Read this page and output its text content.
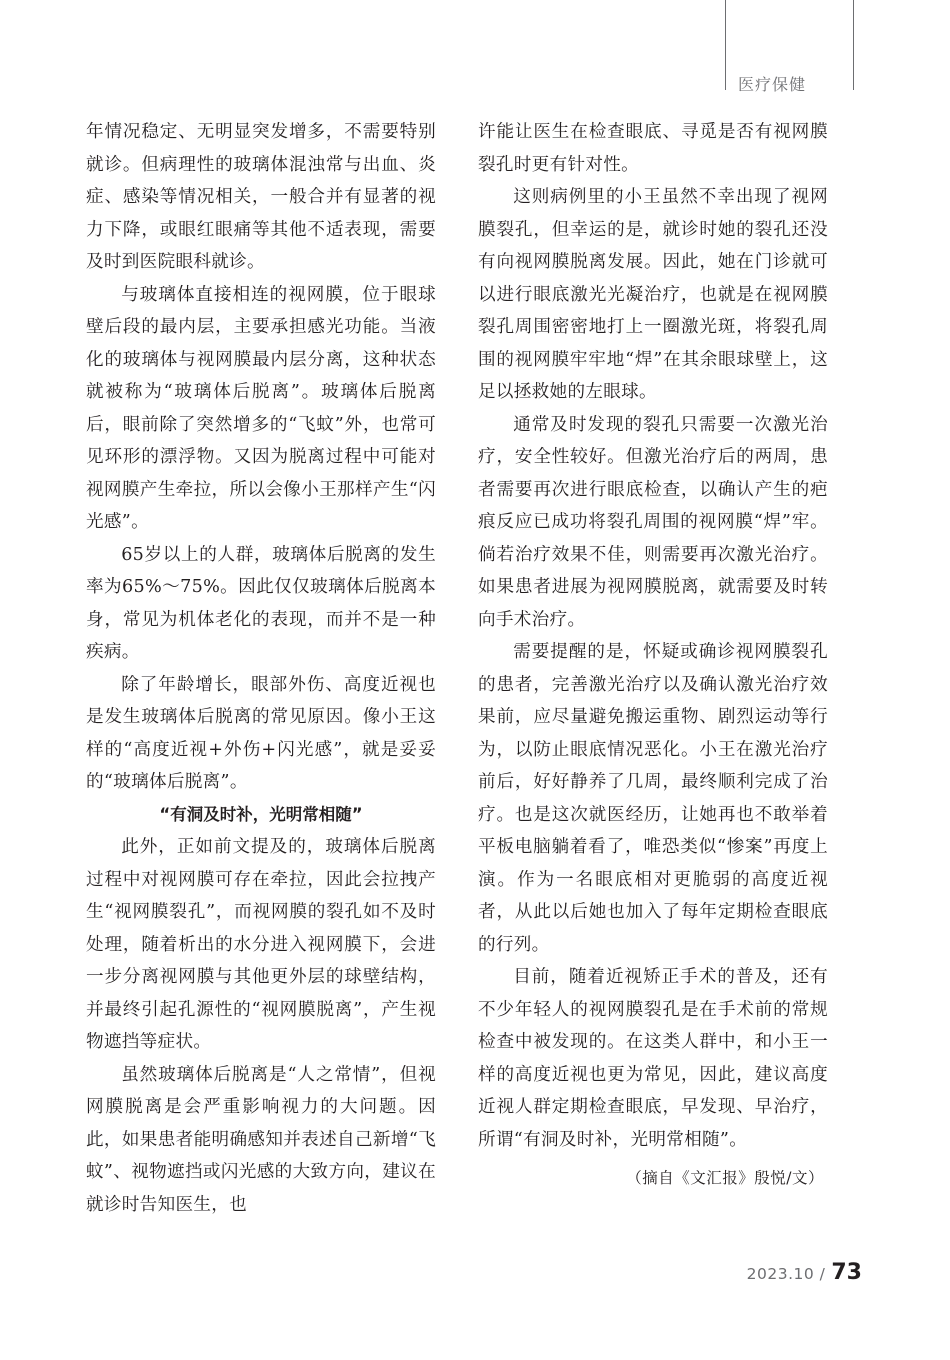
医疗保健

年情况稳定、无明显突发增多，不需要特别就诊。但病理性的玻璃体混浊常与出血、炎症、感染等情况相关，一般合并有显著的视力下降，或眼红眼痛等其他不适表现，需要及时到医院眼科就诊。

与玻璃体直接相连的视网膜，位于眼球壁后段的最内层，主要承担感光功能。当液化的玻璃体与视网膜最内层分离，这种状态就被称为“玻璃体后脱离”。玻璃体后脱离后，眼前除了突然增多的“飞蚊”外，也常可见环形的漂浮物。又因为脱离过程中可能对视网膜产生牵拉，所以会像小王那样产生“闪光感”。

65岁以上的人群，玻璃体后脱离的发生率为65%～75%。因此仅仅玻璃体后脱离本身，常见为机体老化的表现，而并不是一种疾病。

除了年龄增长，眼部外伤、高度近视也是发生玻璃体后脱离的常见原因。像小王这样的“高度近视+外伤+闪光感”，就是妥妥的“玻璃体后脱离”。

“有洞及时补，光明常相随”

此外，正如前文提及的，玻璃体后脱离过程中对视网膜可存在牵拉，因此会拉拽产生“视网膜裂孔”，而视网膜的裂孔如不及时处理，随着析出的水分进入视网膜下，会进一步分离视网膜与其他更外层的球壁结构，并最终引起孔源性的“视网膜脱离”，产生视物遮挡等症状。

虽然玻璃体后脱离是“人之常情”，但视网膜脱离是会严重影响视力的大问题。因此，如果患者能明确感知并表述自己新增“飞蚊”、视物遮挡或闪光感的大致方向，建议在就诊时告知医生，也

许能让医生在检查眼底、寻觅是否有视网膜裂孔时更有针对性。

这则病例里的小王虽然不幸出现了视网膜裂孔，但幸运的是，就诊时她的裂孔还没有向视网膜脱离发展。因此，她在门诊就可以进行眼底激光光凝治疗，也就是在视网膜裂孔周围密密地打上一圈激光斑，将裂孔周围的视网膜牢牢地“焊”在其余眼球壁上，这足以拯救她的左眼球。

通常及时发现的裂孔只需要一次激光治疗，安全性较好。但激光治疗后的两周，患者需要再次进行眼底检查，以确认产生的疤痕反应已成功将裂孔周围的视网膜“焊”牢。倘若治疗效果不佳，则需要再次激光治疗。如果患者进展为视网膜脱离，就需要及时转向手术治疗。

需要提醒的是，怀疑或确诊视网膜裂孔的患者，完善激光治疗以及确认激光治疗效果前，应尽量避免搬运重物、剧烈运动等行为，以防止眼底情况恶化。小王在激光治疗前后，好好静养了几周，最终顺利完成了治疗。也是这次就医经历，让她再也不敢举着平板电脑躺着看了，唯恐类似“惨案”再度上演。作为一名眼底相对更脆弱的高度近视者，从此以后她也加入了每年定期检查眼底的行列。

目前，随着近视矫正手术的普及，还有不少年轻人的视网膜裂孔是在手术前的常规检查中被发现的。在这类人群中，和小王一样的高度近视也更为常见，因此，建议高度近视人群定期检查眼底，早发现、早治疗，所谓“有洞及时补，光明常相随”。

（摘自《文汇报》殷悦/文）

2023.10 / 73
